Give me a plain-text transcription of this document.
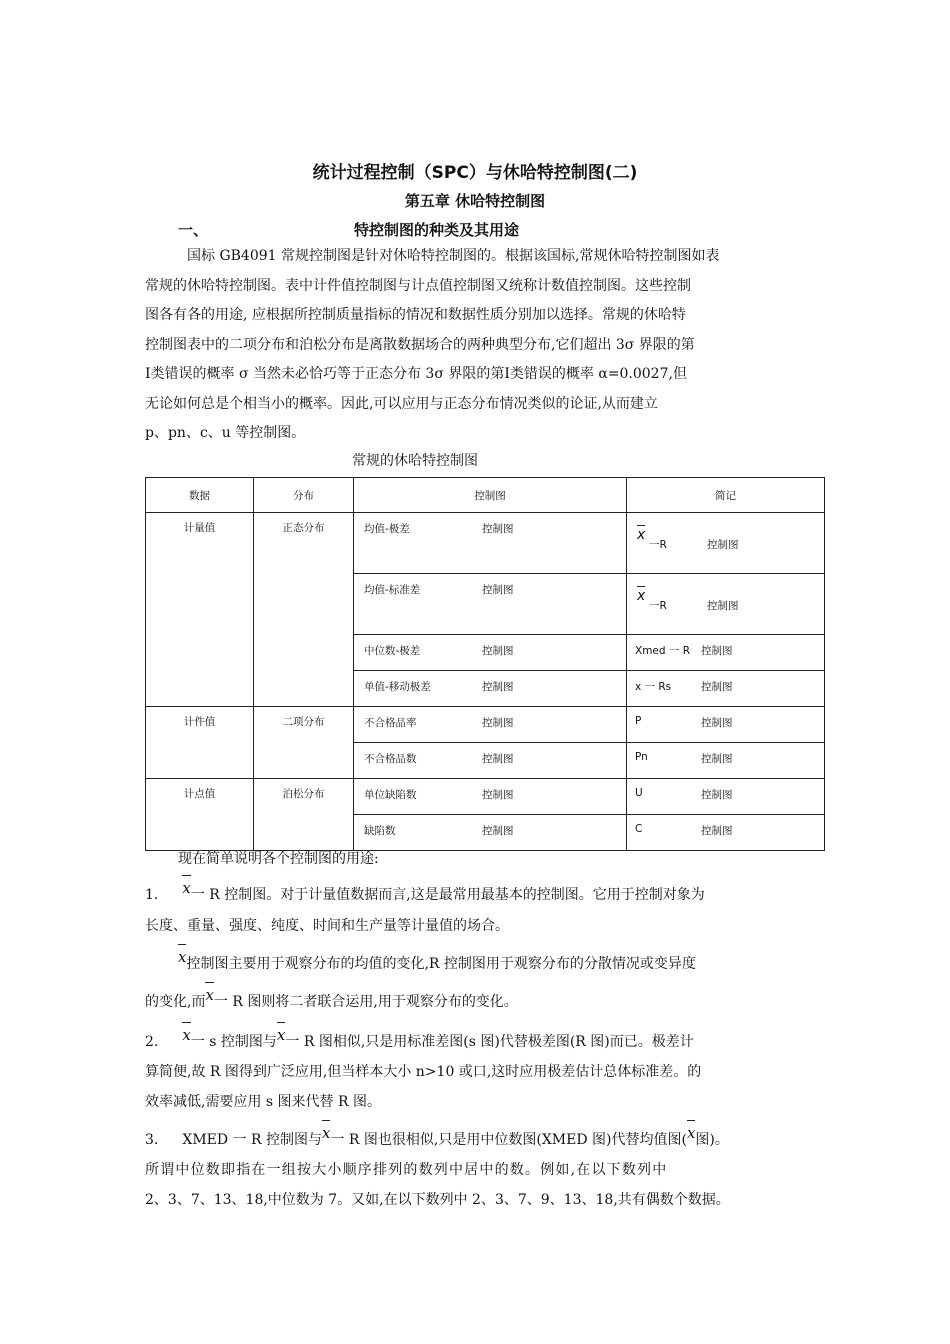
统计过程控制（SPC）与休哈特控制图(二)
第五章 休哈特控制图
一、	特控制图的种类及其用途
国标 GB4091 常规控制图是针对休哈特控制图的。根据该国标,常规休哈特控制图如表
常规的休哈特控制图。表中计件值控制图与计点值控制图又统称计数值控制图。这些控制
图各有各的用途, 应根据所控制质量指标的情况和数据性质分别加以选择。常规的休哈特
控制图表中的二项分布和泊松分布是离散数据场合的两种典型分布,它们超出 3σ 界限的第
Ⅰ类错误的概率 σ 当然未必恰巧等于正态分布 3σ 界限的第Ⅰ类错误的概率 α=0.0027,但
无论如何总是个相当小的概率。因此,可以应用与正态分布情况类似的论证,从而建立
p、pn、c、u 等控制图。
常规的休哈特控制图
数据	分布	控制图	简记
计量值	正态分布	均值-极差 控制图	x
一R 控制图

		均值-标准差 控制图	x
一R 控制图

		中位数-极差 控制图	Xmed 一 R 控制图

		单值-移动极差 控制图	x 一 Rs 控制图

计件值	二项分布	不合格品率 控制图	P 控制图

		不合格品数 控制图	Pn 控制图

计点值	泊松分布	单位缺陷数 控制图	U 控制图

		缺陷数 控制图	C 控制图
现在简单说明各个控制图的用途:
1. x一 R 控制图。对于计量值数据而言,这是最常用最基本的控制图。它用于控制对象为
长度、重量、强度、纯度、时间和生产量等计量值的场合。
x控制图主要用于观察分布的均值的变化,R 控制图用于观察分布的分散情况或变异度
的变化,而x一 R 图则将二者联合运用,用于观察分布的变化。
2. x一 s 控制图与x一 R 图相似,只是用标准差图(s 图)代替极差图(R 图)而已。极差计
算简便,故 R 图得到广泛应用,但当样本大小 n>10 或口,这时应用极差估计总体标准差。的
效率减低,需要应用 s 图来代替 R 图。
3. XMED 一 R 控制图与x一 R 图也很相似,只是用中位数图(XMED 图)代替均值图(x图)。
所谓中位数即指在一组按大小顺序排列的数列中居中的数。例如,在以下数列中
2、3、7、13、18,中位数为 7。又如,在以下数列中 2、3、7、9、13、18,共有偶数个数据。
